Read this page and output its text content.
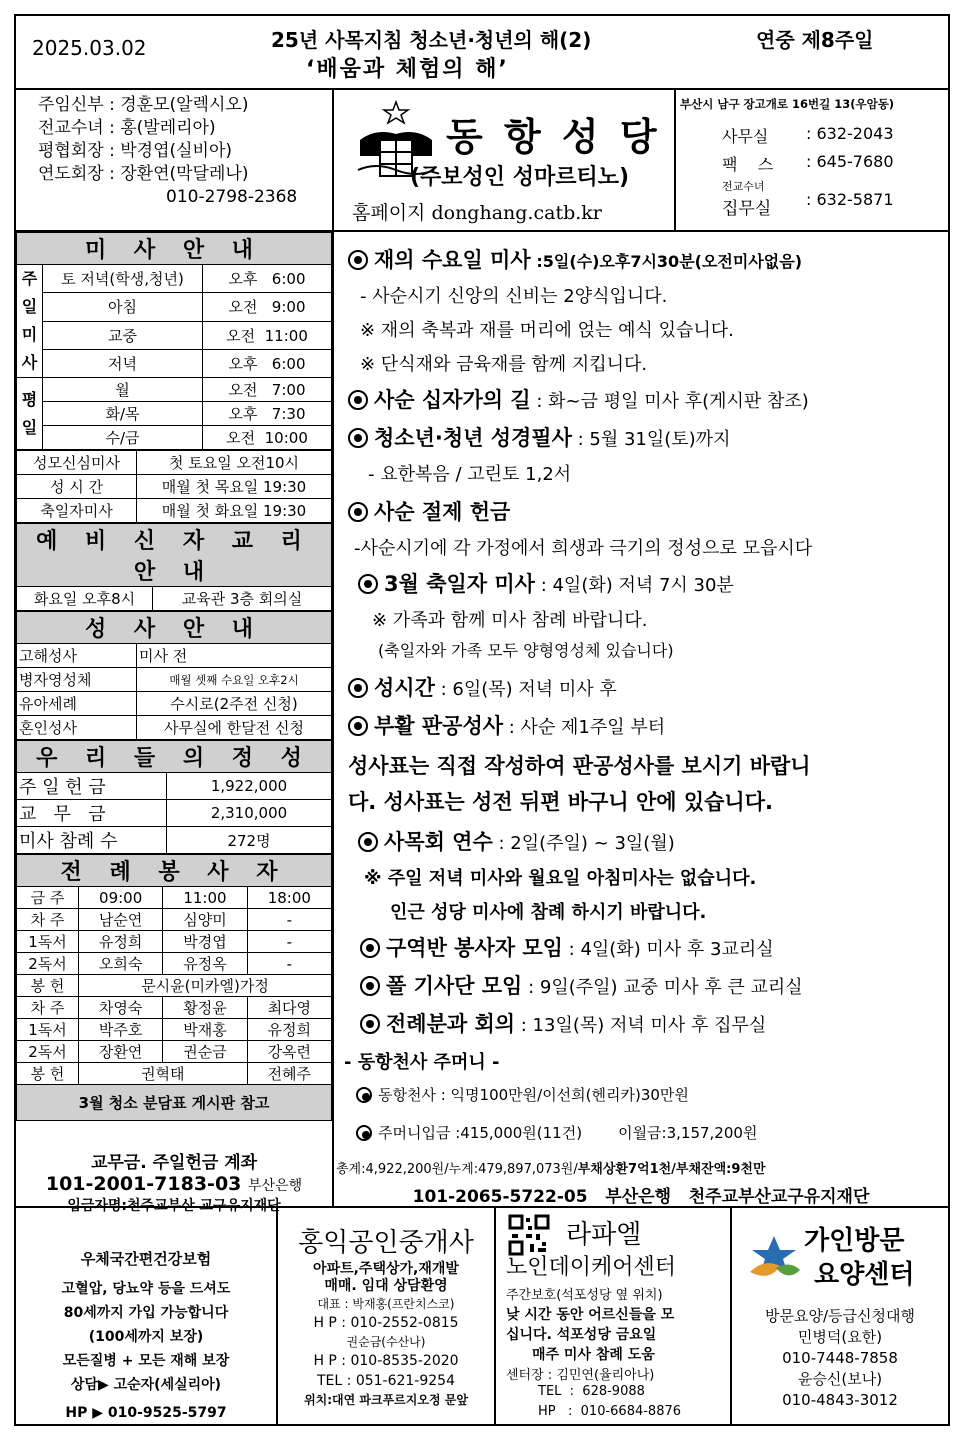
2025.03.02	25년 사목지침 청소년·청년의 해(2)
‘배움과 체험의 해’
연중 제8주일
주임신부 : 경훈모(알렉시오)
전교수녀 : 홍(발레리아)
평협회장 : 박경엽(실비아)
연도회장 : 장환연(막달레나)
010-2798-2368
동 항 성 당
(주보성인 성마르티노)
홈페이지 donghang.catb.kr
부산시 남구 장고개로 16번길 13(우암동)
사무실 : 632-2043
팩    스 : 645-7680
전교수녀
집무실 : 632-5871
미 사 안 내		
주
일
미
사	토 저녁(학생,청년)	오후   6:00
	아침	오전   9:00
	교중	오전  11:00
	저녁	오후   6:00
평
일	월	오전   7:00
	화/목	오후   7:30
	수/금	오전  10:00
성모신심미사	첫 토요일 오전10시
성 시 간	매월 첫 목요일 19:30
축일자미사	매월 첫 화요일 19:30
예 비 신 자 교 리 안 내
화요일 오후8시	교육관 3층 회의실
성 사 안 내	
고해성사	미사 전
병자영성체	매월 셋째 수요일 오후2시
유아세례	수시로(2주전 신청)
혼인성사	사무실에 한달전 신청
우 리 들 의 정 성	
주 일 헌 금	1,922,000
교   무   금	2,310,000
미사 참례 수	272명
전 례 봉 사 자			
금 주	09:00	11:00	18:00
차 주	남순연	심양미	-
1독서	유정희	박경엽	-
2독서	오희숙	유정옥	-
봉 헌	문시윤(미카엘)가정		
차 주	차영숙	황정윤	최다영
1독서	박주호	박재홍	유정희
2독서	장환연	권순금	강옥련
봉 헌	권혁태		전혜주
3월 청소 분담표 게시판 참고			
교무금. 주일헌금 계좌
101-2001-7183-03 부산은행
입금자명:천주교부산 교구유지재단
재의 수요일 미사 :5일(수)오후7시30분(오전미사없음)
- 사순시기 신앙의 신비는 2양식입니다.
※ 재의 축복과 재를 머리에 얹는 예식 있습니다.
※ 단식재와 금육재를 함께 지킵니다.
사순 십자가의 길 : 화~금 평일 미사 후(게시판 참조)
청소년·청년 성경필사 : 5월 31일(토)까지
- 요한복음 / 고린토 1,2서
사순 절제 헌금
-사순시기에 각 가정에서 희생과 극기의 정성으로 모읍시다
3월 축일자 미사 : 4일(화) 저녁 7시 30분
※ 가족과 함께 미사 참례 바랍니다.
(축일자와 가족 모두 양형영성체 있습니다)
성시간 : 6일(목) 저녁 미사 후
부활 판공성사 : 사순 제1주일 부터
성사표는 직접 작성하여 판공성사를 보시기 바랍니
다. 성사표는 성전 뒤편 바구니 안에 있습니다.
사목회 연수 : 2일(주일) ~ 3일(월)
※ 주일 저녁 미사와 월요일 아침미사는 없습니다.
인근 성당 미사에 참례 하시기 바랍니다.
구역반 봉사자 모임 : 4일(화) 미사 후 3교리실
폴 기사단 모임 : 9일(주일) 교중 미사 후 큰 교리실
전례분과 회의 : 13일(목) 저녁 미사 후 집무실
- 동항천사 주머니 -
동항천사 : 익명100만원/이선희(헨리카)30만원
주머니입금 :415,000원(11건) 이월금:3,157,200원
총계:4,922,200원/누계:479,897,073원/부채상환7억1천/부채잔액:9천만
101-2065-5722-05   부산은행   천주교부산교구유지재단
우체국간편건강보험
고혈압, 당뇨약 등을 드셔도
80세까지 가입 가능합니다
(100세까지 보장)
모든질병 + 모든 재해 보장
상담▶ 고순자(세실리아)
HP ▶ 010-9525-5797
홍익공인중개사
아파트,주택상가,재개발
매매. 임대 상담환영
대표 : 박재홍(프란치스코)
H P : 010-2552-0815
권순금(수산나)
H P : 010-8535-2020
TEL : 051-621-9254
위치:대연 파크푸르지오정 문앞
라파엘
노인데이케어센터
주간보호(석포성당 옆 위치)
낮 시간 동안 어르신들을 모
십니다. 석포성당 금요일
매주 미사 참례 도움
센터장 : 김민연(율리아나)
TEL  :  628-9088
HP   :  010-6684-8876
가인방문
요양센터
방문요양/등급신청대행
민병덕(요한)
010-7448-7858
윤승신(보나)
010-4843-3012
